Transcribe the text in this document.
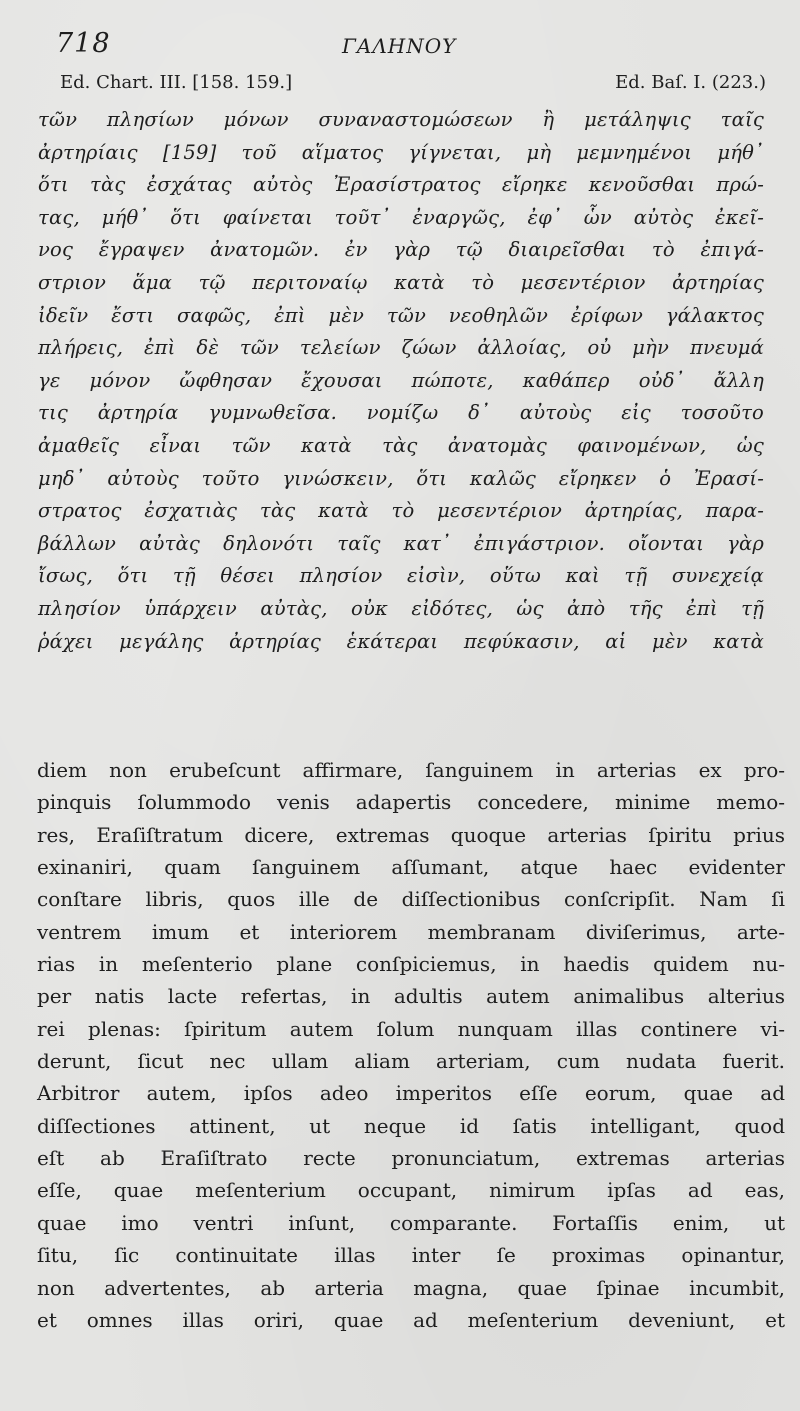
718	ΓΑΛΗΝΟΥ
Ed. Chart. III. [158. 159.]	Ed. Baſ. I. (223.)
τῶν πλησίων μόνων συναναστομώσεων ἢ μετάληψις ταῖς
ἀρτηρίαις [159] τοῦ αἵματος γίγνεται, μὴ μεμνημένοι μήθ᾽
ὅτι τὰς ἐσχάτας αὐτὸς Ἐρασίστρατος εἴρηκε κενοῦσθαι πρώ-
τας, μήθ᾽ ὅτι φαίνεται τοῦτ᾽ ἐναργῶς, ἐφ᾽ ὧν αὐτὸς ἐκεῖ-
νος ἔγραψεν ἀνατομῶν. ἐν γὰρ τῷ διαιρεῖσθαι τὸ ἐπιγά-
στριον ἅμα τῷ περιτοναίῳ κατὰ τὸ μεσεντέριον ἀρτηρίας
ἰδεῖν ἔστι σαφῶς, ἐπὶ μὲν τῶν νεοθηλῶν ἐρίφων γάλακτος
πλήρεις, ἐπὶ δὲ τῶν τελείων ζώων ἀλλοίας, οὐ μὴν πνευμά
γε μόνον ὤφθησαν ἔχουσαι πώποτε, καθάπερ οὐδ᾽ ἄλλη
τις ἀρτηρία γυμνωθεῖσα. νομίζω δ᾽ αὐτοὺς εἰς τοσοῦτο
ἀμαθεῖς εἶναι τῶν κατὰ τὰς ἀνατομὰς φαινομένων, ὡς
μηδ᾽ αὐτοὺς τοῦτο γινώσκειν, ὅτι καλῶς εἴρηκεν ὁ Ἐρασί-
στρατος ἐσχατιὰς τὰς κατὰ τὸ μεσεντέριον ἀρτηρίας, παρα-
βάλλων αὐτὰς δηλονότι ταῖς κατ᾽ ἐπιγάστριον. οἴονται γὰρ
ἴσως, ὅτι τῇ θέσει πλησίον εἰσὶν, οὕτω καὶ τῇ συνεχείᾳ
πλησίον ὑπάρχειν αὐτὰς, οὐκ εἰδότες, ὡς ἀπὸ τῆς ἐπὶ τῇ
ῥάχει μεγάλης ἀρτηρίας ἑκάτεραι πεφύκασιν, αἱ μὲν κατὰ
diem non erubeſcunt affirmare, ſanguinem in arterias ex pro-
pinquis ſolummodo venis adapertis concedere, minime memo-
res, Eraſiſtratum dicere, extremas quoque arterias ſpiritu prius
exinaniri, quam ſanguinem aſſumant, atque haec evidenter
conſtare libris, quos ille de diſſectionibus conſcripſit. Nam ſi
ventrem imum et interiorem membranam diviſerimus, arte-
rias in meſenterio plane conſpiciemus, in haedis quidem nu-
per natis lacte refertas, in adultis autem animalibus alterius
rei plenas: ſpiritum autem ſolum nunquam illas continere vi-
derunt, ſicut nec ullam aliam arteriam, cum nudata fuerit.
Arbitror autem, ipſos adeo imperitos eſſe eorum, quae ad
diſſectiones attinent, ut neque id ſatis intelligant, quod
eſt ab Eraſiſtrato recte pronunciatum, extremas arterias
eſſe, quae meſenterium occupant, nimirum ipſas ad eas,
quae imo ventri inſunt, comparante. Fortaſſis enim, ut
ſitu, ſic continuitate illas inter ſe proximas opinantur,
non advertentes, ab arteria magna, quae ſpinae incumbit,
et omnes illas oriri, quae ad meſenterium deveniunt, et
